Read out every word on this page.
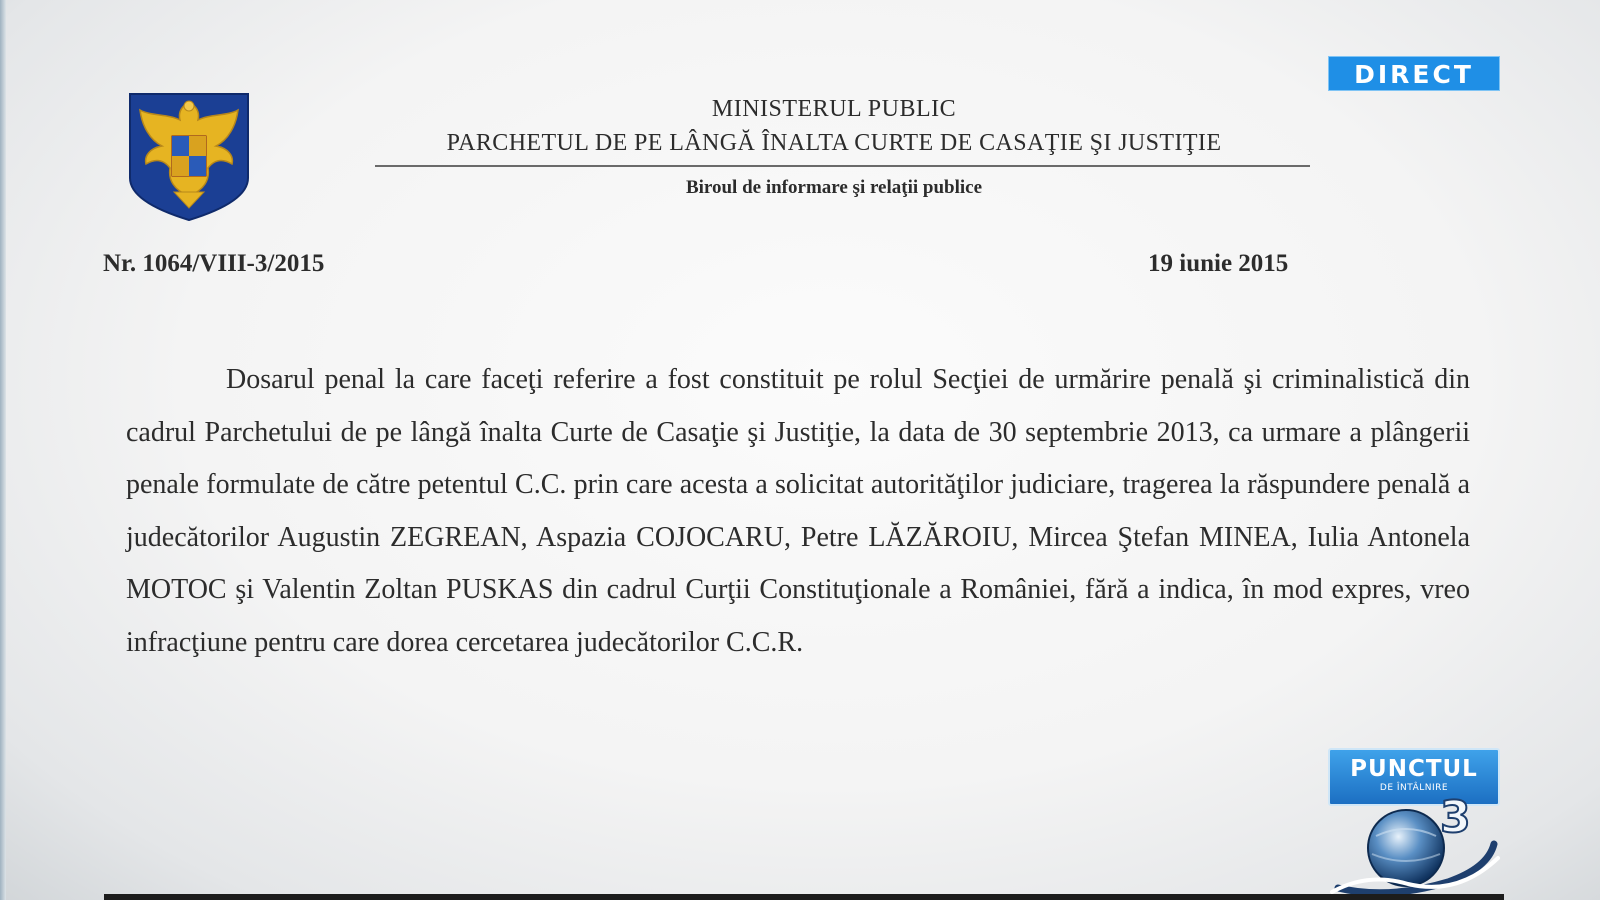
MINISTERUL PUBLIC
PARCHETUL DE PE LÂNGĂ ÎNALTA CURTE DE CASAŢIE ŞI JUSTIŢIE
Biroul de informare şi relaţii publice
Nr. 1064/VIII-3/2015	19 iunie 2015

Dosarul penal la care faceţi referire a fost constituit pe rolul Secţiei de urmărire penală şi criminalistică din cadrul Parchetului de pe lângă înalta Curte de Casaţie şi Justiţie, la data de 30 septembrie 2013, ca urmare a plângerii penale formulate de către petentul C.C. prin care acesta a solicitat autorităţilor judiciare, tragerea la răspundere penală a judecătorilor Augustin ZEGREAN, Aspazia COJOCARU, Petre LĂZĂROIU, Mircea Ştefan MINEA, Iulia Antonela MOTOC şi Valentin Zoltan PUSKAS din cadrul Curţii Constituţionale a României, fără a indica, în mod expres, vreo infracţiune pentru care dorea cercetarea judecătorilor C.C.R.

DIRECT
PUNCTUL
DE ÎNTÂLNIRE
3
